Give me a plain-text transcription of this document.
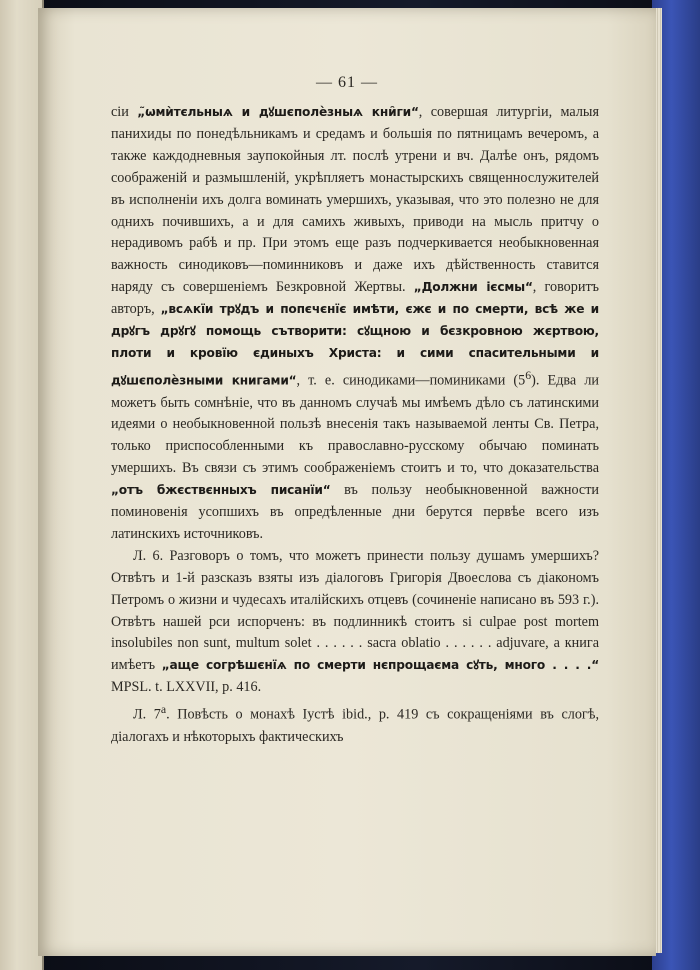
— 61 —

сiи „̃ѡмѝтєльныѧ и дꙋшєполѐзныѧ кни̑ги“, совершая литургiи, малыя панихиды по понедѣльникамъ и средамъ и большiя по пятницамъ вечеромъ, а также каждодневныя заупокойныя лт. послѣ утрени и вч. Далѣе онъ, рядомъ соображенiй и размышленiй, укрѣпляетъ монастырскихъ священнослужителей въ исполненiи ихъ долга воминать умершихъ, указывая, что это полезно не для однихъ почившихъ, а и для самихъ живыхъ, приводи на мысль притчу о нерадивомъ рабѣ и пр. При этомъ еще разъ подчеркивается необыкновенная важность синодиковъ—поминниковъ и даже ихъ дѣйственность ставится наряду съ совершенiемъ Безкровной Жертвы. „Должни ієсмы“, говоритъ авторъ, „всѧкїи трꙋдъ и попєчєнїє имѣти, єжє и по смерти, всѣ же и дрꙋгъ дрꙋгꙋ помощь сътворити: сꙋщною и бєзкровною жєртвою, плоти и кровїю єдиныхъ Христа: и сими спасительными и дꙋшєполѐзными книгами“, т. е. синодиками—поминиками $(5^6)$. Едва ли можетъ быть сомнѣнiе, что въ данномъ случаѣ мы имѣемъ дѣло съ латинскими идеями о необыкновенной пользѣ внесенiя такъ называемой ленты Св. Петра, только приспособленными къ православно-русскому обычаю поминать умершихъ. Въ связи съ этимъ соображенiемъ стоитъ и то, что доказательства „отъ бжєствєнныхъ писанїи“ въ пользу необыкновенной важности поминовенiя усопшихъ въ опредѣленные дни берутся первѣе всего изъ латинскихъ источниковъ.

Л. 6. Разговоръ о томъ, что можетъ принести пользу душамъ умершихъ? Отвѣтъ и 1-й разсказъ взяты изъ дiалоговъ Григорiя Двоеслова съ дiакономъ Петромъ о жизни и чудесахъ италiйскихъ отцевъ (сочиненiе написано въ 593 г.). Отвѣтъ нашей рси испорченъ: въ подлинникѣ стоитъ si culpae post mortem insolubiles non sunt, multum solet . . . . . . sacra oblatio . . . . . . adjuvare, а книга имѣетъ „аще согрѣшєнїѧ по смерти нєпрощаєма сꙋть, много . . . .“ MPSL. t. LXXVII, p. 416.

Л. 7$^a$. Повѣсть о монахѣ Іустѣ ibid., p. 419 съ сокращенiями въ слогѣ, дiалогахъ и нѣкоторыхъ фактическихъ
